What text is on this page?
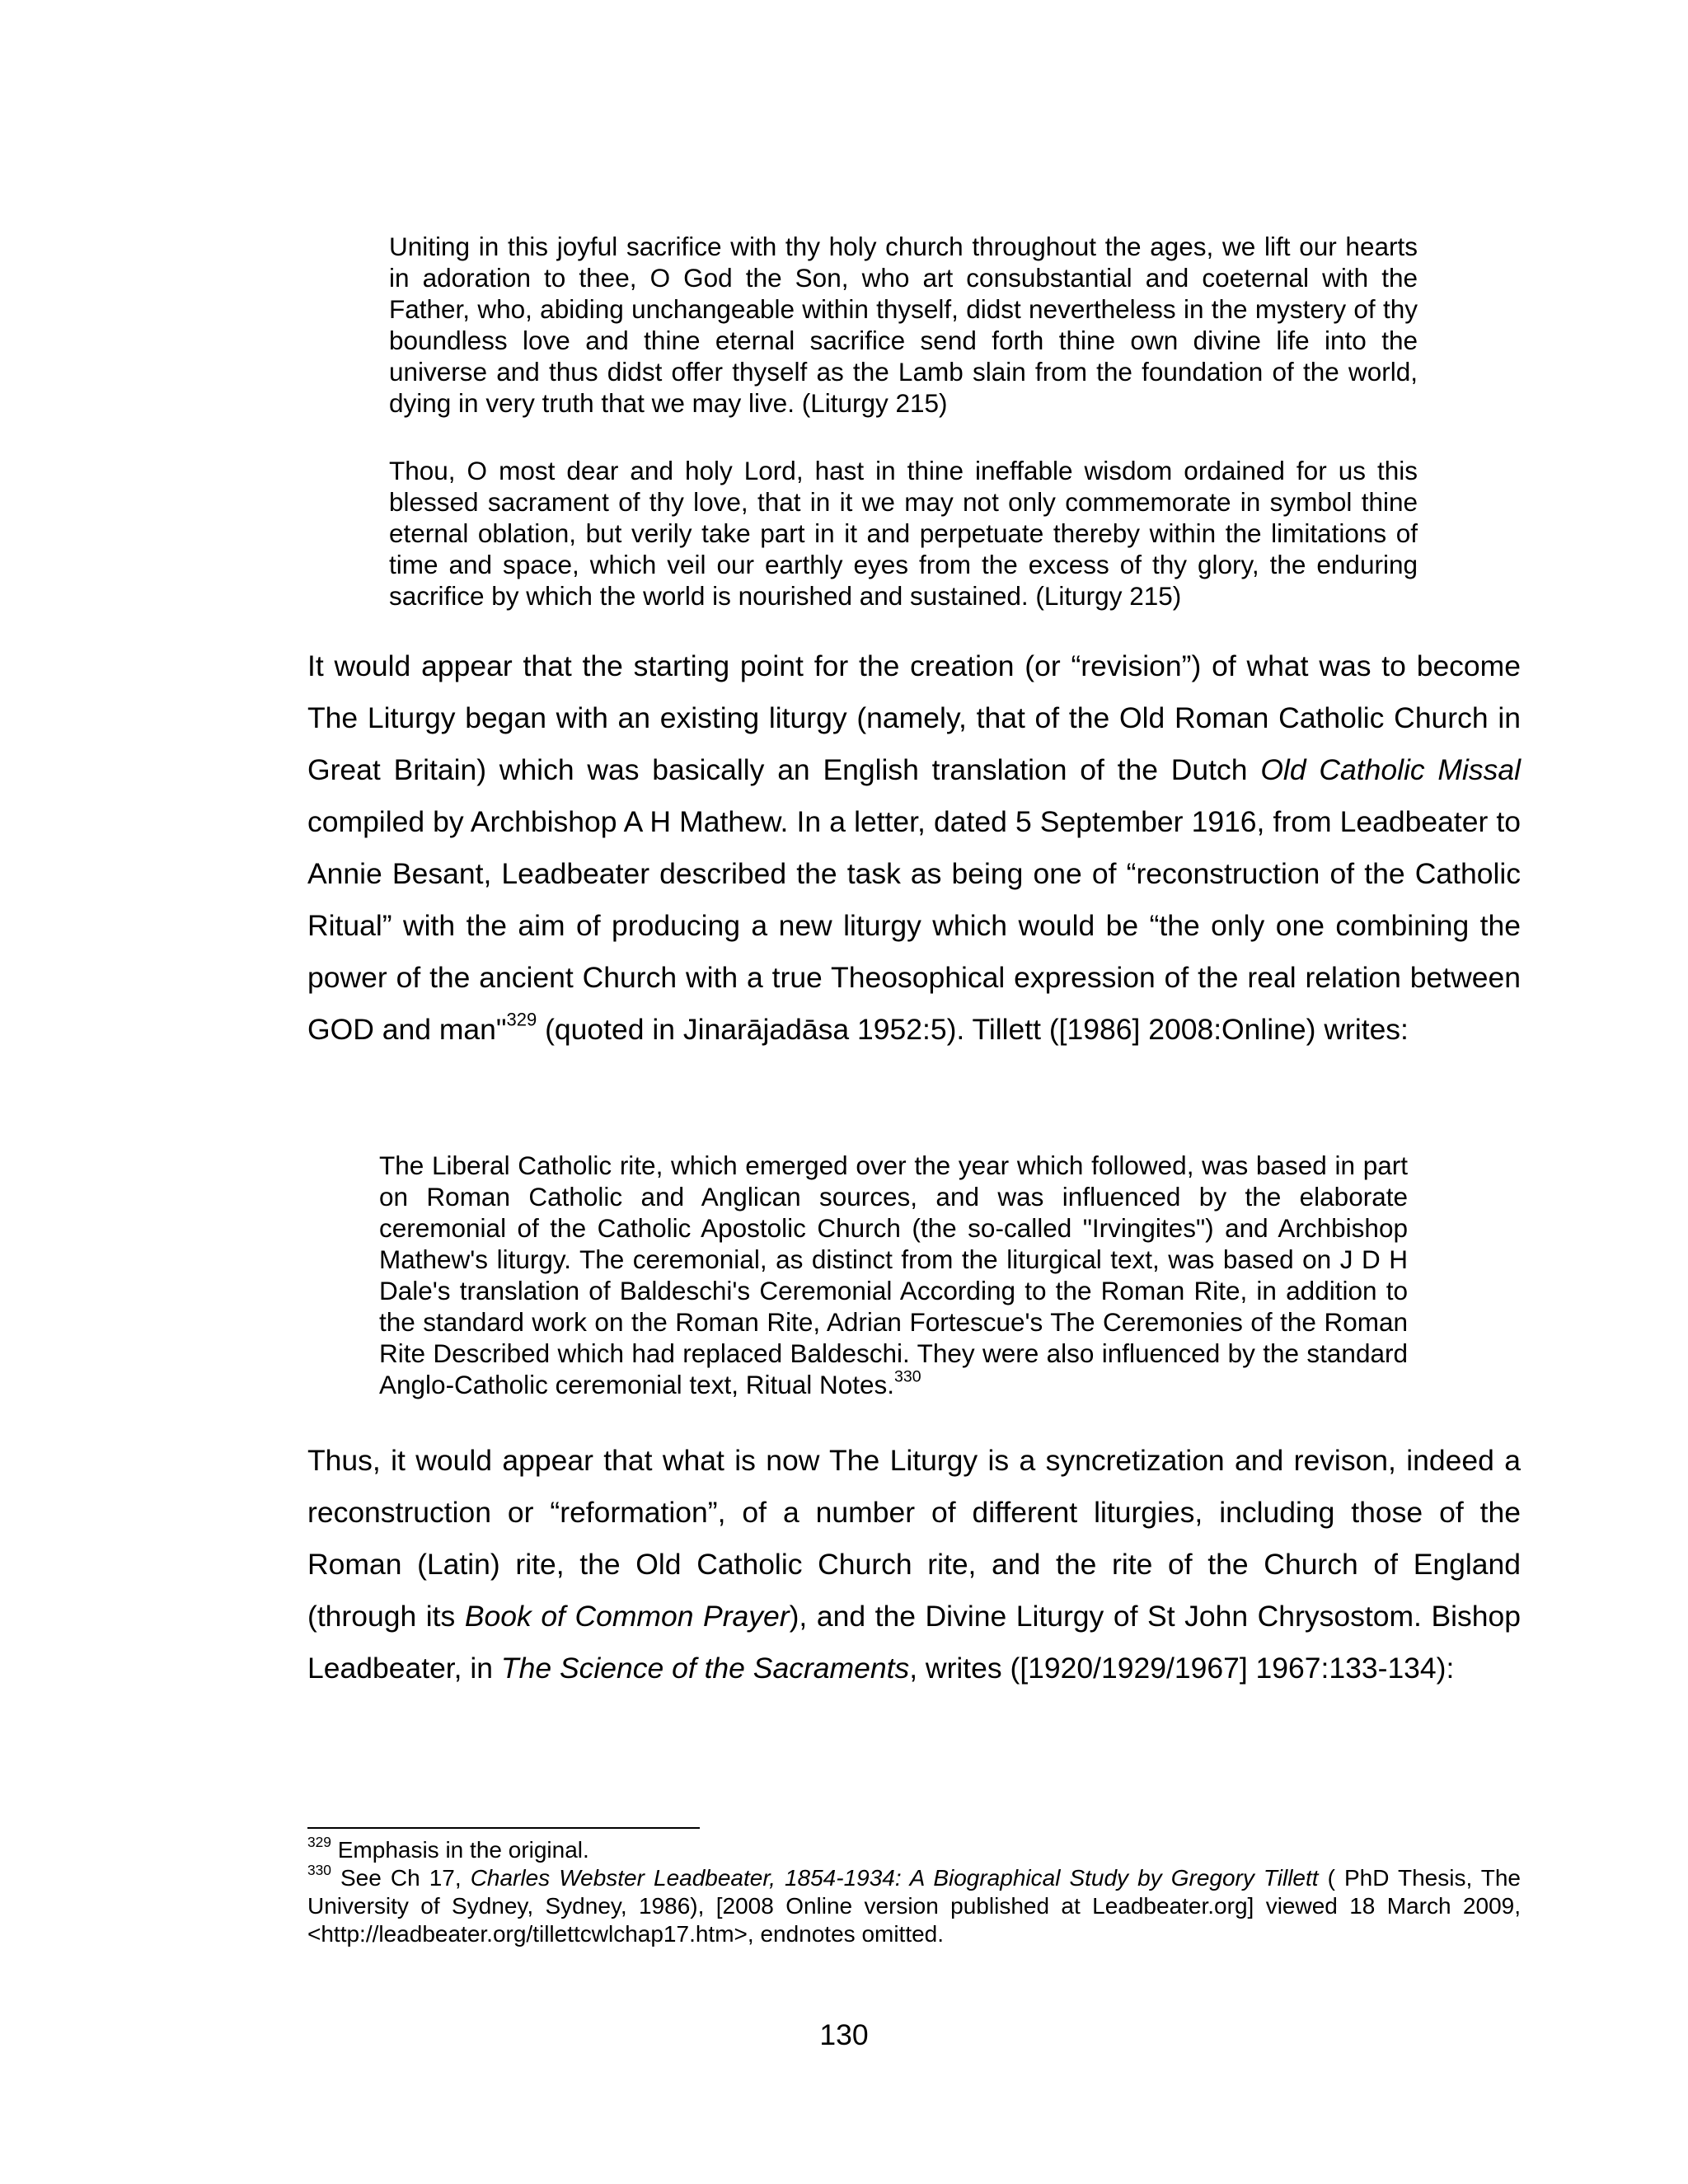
Uniting in this joyful sacrifice with thy holy church throughout the ages, we lift our hearts in adoration to thee, O God the Son, who art consubstantial and coeternal with the Father, who, abiding unchangeable within thyself, didst nevertheless in the mystery of thy boundless love and thine eternal sacrifice send forth thine own divine life into the universe and thus didst offer thyself as the Lamb slain from the foundation of the world, dying in very truth that we may live. (Liturgy 215)
Thou, O most dear and holy Lord, hast in thine ineffable wisdom ordained for us this blessed sacrament of thy love, that in it we may not only commemorate in symbol thine eternal oblation, but verily take part in it and perpetuate thereby within the limitations of time and space, which veil our earthly eyes from the excess of thy glory, the enduring sacrifice by which the world is nourished and sustained. (Liturgy 215)
It would appear that the starting point for the creation (or “revision”) of what was to become The Liturgy began with an existing liturgy (namely, that of the Old Roman Catholic Church in Great Britain) which was basically an English translation of the Dutch Old Catholic Missal compiled by Archbishop A H Mathew. In a letter, dated 5 September 1916, from Leadbeater to Annie Besant, Leadbeater described the task as being one of “reconstruction of the Catholic Ritual” with the aim of producing a new liturgy which would be “the only one combining the power of the ancient Church with a true Theosophical expression of the real relation between GOD and man"$^{329}$ (quoted in Jinarājadāsa 1952:5). Tillett ([1986] 2008:Online) writes:
The Liberal Catholic rite, which emerged over the year which followed, was based in part on Roman Catholic and Anglican sources, and was influenced by the elaborate ceremonial of the Catholic Apostolic Church (the so-called "Irvingites") and Archbishop Mathew's liturgy. The ceremonial, as distinct from the liturgical text, was based on J D H Dale's translation of Baldeschi's Ceremonial According to the Roman Rite, in addition to the standard work on the Roman Rite, Adrian Fortescue's The Ceremonies of the Roman Rite Described which had replaced Baldeschi. They were also influenced by the standard Anglo-Catholic ceremonial text, Ritual Notes.$^{330}$
Thus, it would appear that what is now The Liturgy is a syncretization and revison, indeed a reconstruction or “reformation”, of a number of different liturgies, including those of the Roman (Latin) rite, the Old Catholic Church rite, and the rite of the Church of England (through its Book of Common Prayer), and the Divine Liturgy of St John Chrysostom. Bishop Leadbeater, in The Science of the Sacraments, writes ([1920/1929/1967] 1967:133-134):

$^{329}$ Emphasis in the original.

$^{330}$ See Ch 17, Charles Webster Leadbeater, 1854-1934: A Biographical Study by Gregory Tillett ( PhD Thesis, The University of Sydney, Sydney, 1986), [2008 Online version published at Leadbeater.org] viewed 18 March 2009, <http://leadbeater.org/tillettcwlchap17.htm>, endnotes omitted.

130
